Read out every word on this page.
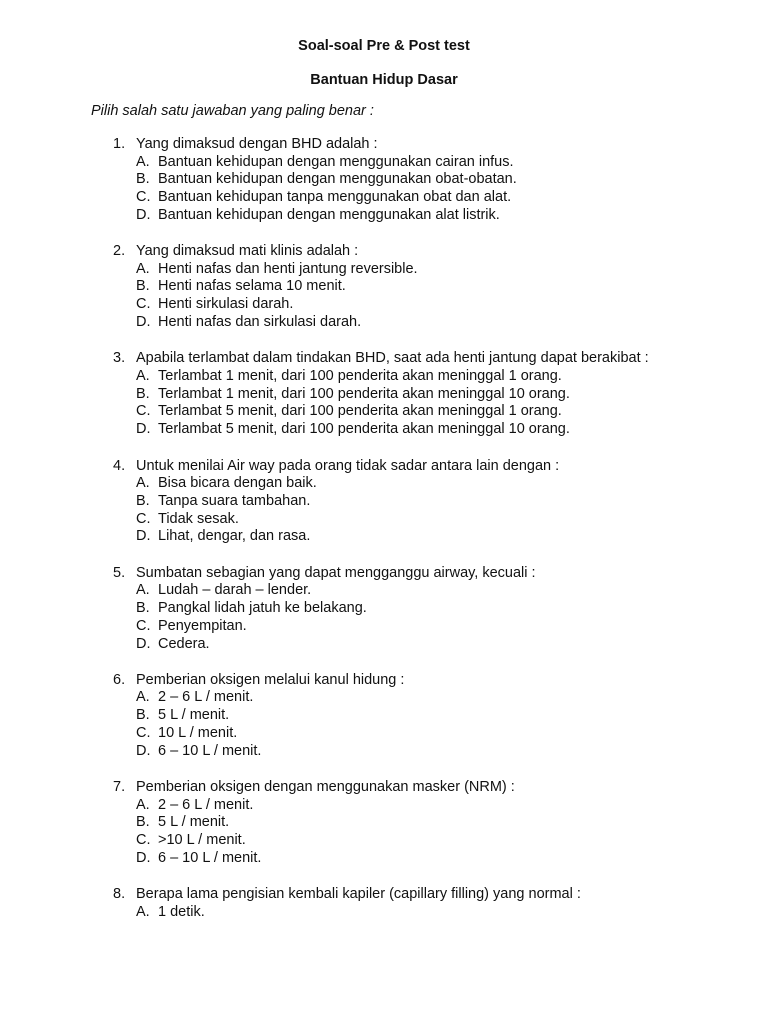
Soal-soal Pre & Post test
Bantuan Hidup Dasar
Pilih salah satu jawaban yang paling benar :
1. Yang dimaksud dengan BHD adalah :
A. Bantuan kehidupan dengan menggunakan cairan infus.
B. Bantuan kehidupan dengan menggunakan obat-obatan.
C. Bantuan kehidupan tanpa menggunakan obat dan alat.
D. Bantuan kehidupan dengan menggunakan alat listrik.
2. Yang dimaksud mati klinis adalah :
A. Henti nafas dan henti jantung reversible.
B. Henti nafas selama 10 menit.
C. Henti sirkulasi darah.
D. Henti nafas dan sirkulasi darah.
3. Apabila terlambat dalam tindakan BHD, saat ada henti jantung dapat berakibat :
A. Terlambat 1 menit, dari 100 penderita akan meninggal 1 orang.
B. Terlambat 1 menit, dari 100 penderita akan meninggal 10 orang.
C. Terlambat 5 menit, dari 100 penderita akan meninggal 1 orang.
D. Terlambat 5 menit, dari 100 penderita akan meninggal 10 orang.
4. Untuk menilai Air way pada orang tidak sadar antara lain dengan :
A. Bisa bicara dengan baik.
B. Tanpa suara tambahan.
C. Tidak sesak.
D. Lihat, dengar, dan rasa.
5. Sumbatan sebagian yang dapat mengganggu airway, kecuali :
A. Ludah – darah – lender.
B. Pangkal lidah jatuh ke belakang.
C. Penyempitan.
D. Cedera.
6. Pemberian oksigen melalui kanul hidung :
A. 2 – 6 L / menit.
B. 5 L / menit.
C. 10 L / menit.
D. 6 – 10 L / menit.
7. Pemberian oksigen dengan menggunakan masker (NRM) :
A. 2 – 6 L / menit.
B. 5 L / menit.
C. >10 L / menit.
D. 6 – 10 L / menit.
8. Berapa lama pengisian kembali kapiler (capillary filling) yang normal :
A. 1 detik.
